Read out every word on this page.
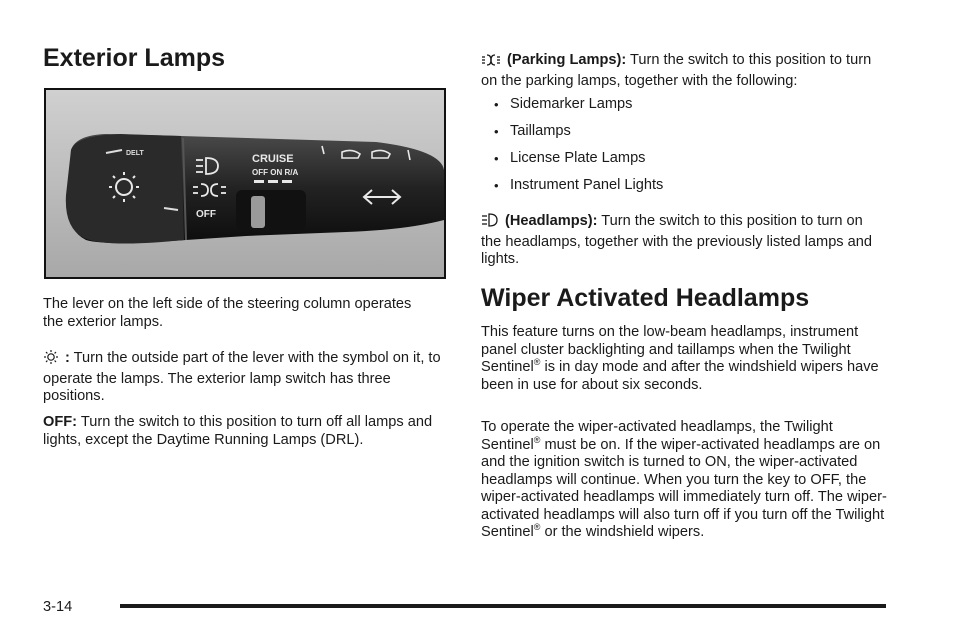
Exterior Lamps
DELT
OFF
CRUISE
OFF ON R/A

The lever on the left side of the steering column operates the exterior lamps.

: Turn the outside part of the lever with the symbol on it, to operate the lamps. The exterior lamp switch has three positions.

OFF: Turn the switch to this position to turn off all lamps and lights, except the Daytime Running Lamps (DRL).

(Parking Lamps): Turn the switch to this position to turn on the parking lamps, together with the following:

• Sidemarker Lamps
• Taillamps
• License Plate Lamps
• Instrument Panel Lights

(Headlamps): Turn the switch to this position to turn on the headlamps, together with the previously listed lamps and lights.

Wiper Activated Headlamps

This feature turns on the low-beam headlamps, instrument panel cluster backlighting and taillamps when the Twilight Sentinel® is in day mode and after the windshield wipers have been in use for about six seconds.

To operate the wiper-activated headlamps, the Twilight Sentinel® must be on. If the wiper-activated headlamps are on and the ignition switch is turned to ON, the wiper-activated headlamps will continue. When you turn the key to OFF, the wiper-activated headlamps will immediately turn off. The wiper-activated headlamps will also turn off if you turn off the Twilight Sentinel® or the windshield wipers.

3-14
